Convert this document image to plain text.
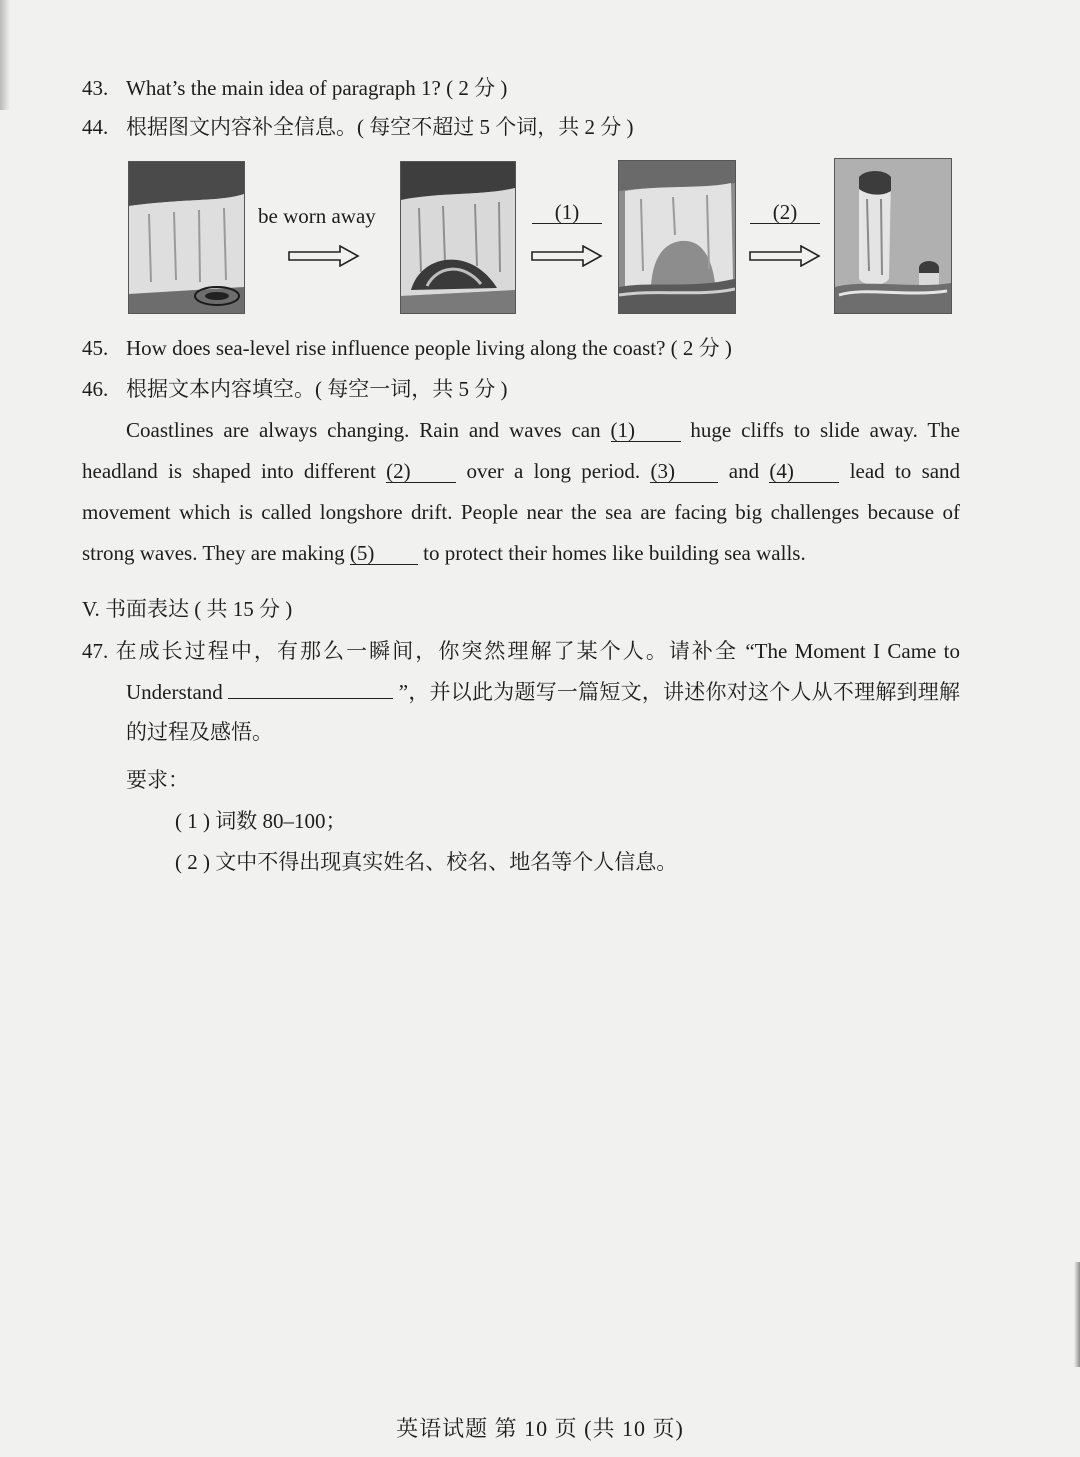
43. What’s the main idea of paragraph 1? ( 2 分 )
44. 根据图文内容补全信息。( 每空不超过 5 个词，共 2 分 )
be worn away	(1)	(2)
45. How does sea-level rise influence people living along the coast? ( 2 分 )
46. 根据文本内容填空。( 每空一词，共 5 分 )
Coastlines are always changing. Rain and waves can (1)	huge cliffs to slide away. The
headland is shaped into different (2)	over a long period. (3)	and (4)	lead to sand
movement which is called longshore drift. People near the sea are facing big challenges because of
strong waves. They are making (5) to protect their homes like building sea walls.
V. 书面表达 ( 共 15 分 )
47. 在成长过程中，有那么一瞬间，你突然理解了某个人。请补全 “The Moment I Came to
Understand	”，并以此为题写一篇短文，讲述你对这个人从不理解到理解
的过程及感悟。
要求：
( 1 ) 词数 80–100；
( 2 ) 文中不得出现真实姓名、校名、地名等个人信息。
英语试题 第 10 页 (共 10 页)
